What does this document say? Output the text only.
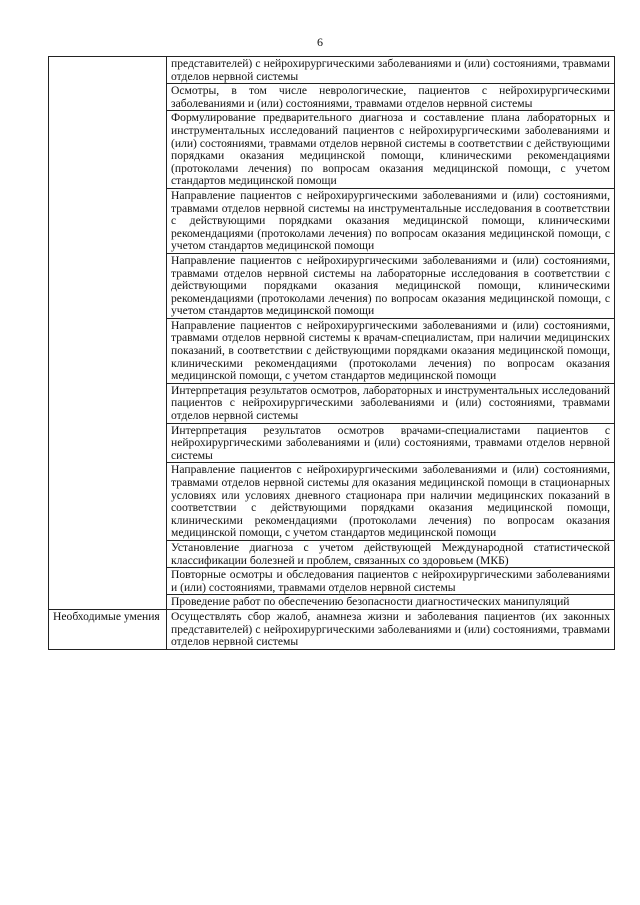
6
	представителей) с нейрохирургическими заболеваниями и (или) состояниями, травмами отделов нервной системы
	Осмотры, в том числе неврологические, пациентов с нейрохирургическими заболеваниями и (или) состояниями, травмами отделов нервной системы
	Формулирование предварительного диагноза и составление плана лабораторных и инструментальных исследований пациентов с нейрохирургическими заболеваниями и (или) состояниями, травмами отделов нервной системы в соответствии с действующими порядками оказания медицинской помощи, клиническими рекомендациями (протоколами лечения) по вопросам оказания медицинской помощи, с учетом стандартов медицинской помощи
	Направление пациентов с нейрохирургическими заболеваниями и (или) состояниями, травмами отделов нервной системы на инструментальные исследования в соответствии с действующими порядками оказания медицинской помощи, клиническими рекомендациями (протоколами лечения) по вопросам оказания медицинской помощи, с учетом стандартов медицинской помощи
	Направление пациентов с нейрохирургическими заболеваниями и (или) состояниями, травмами отделов нервной системы на лабораторные исследования в соответствии с действующими порядками оказания медицинской помощи, клиническими рекомендациями (протоколами лечения) по вопросам оказания медицинской помощи, с учетом стандартов медицинской помощи
	Направление пациентов с нейрохирургическими заболеваниями и (или) состояниями, травмами отделов нервной системы к врачам-специалистам, при наличии медицинских показаний, в соответствии с действующими порядками оказания медицинской помощи, клиническими рекомендациями (протоколами лечения) по вопросам оказания медицинской помощи, с учетом стандартов медицинской помощи
	Интерпретация результатов осмотров, лабораторных и инструментальных исследований пациентов с нейрохирургическими заболеваниями и (или) состояниями, травмами отделов нервной системы
	Интерпретация результатов осмотров врачами-специалистами пациентов с нейрохирургическими заболеваниями и (или) состояниями, травмами отделов нервной системы
	Направление пациентов с нейрохирургическими заболеваниями и (или) состояниями, травмами отделов нервной системы для оказания медицинской помощи в стационарных условиях или условиях дневного стационара при наличии медицинских показаний в соответствии с действующими порядками оказания медицинской помощи, клиническими рекомендациями (протоколами лечения) по вопросам оказания медицинской помощи, с учетом стандартов медицинской помощи
	Установление диагноза с учетом действующей Международной статистической классификации болезней и проблем, связанных со здоровьем (МКБ)
	Повторные осмотры и обследования пациентов с нейрохирургическими заболеваниями и (или) состояниями, травмами отделов нервной системы
	Проведение работ по обеспечению безопасности диагностических манипуляций
Необходимые умения	Осуществлять сбор жалоб, анамнеза жизни и заболевания пациентов (их законных представителей) с нейрохирургическими заболеваниями и (или) состояниями, травмами отделов нервной системы
